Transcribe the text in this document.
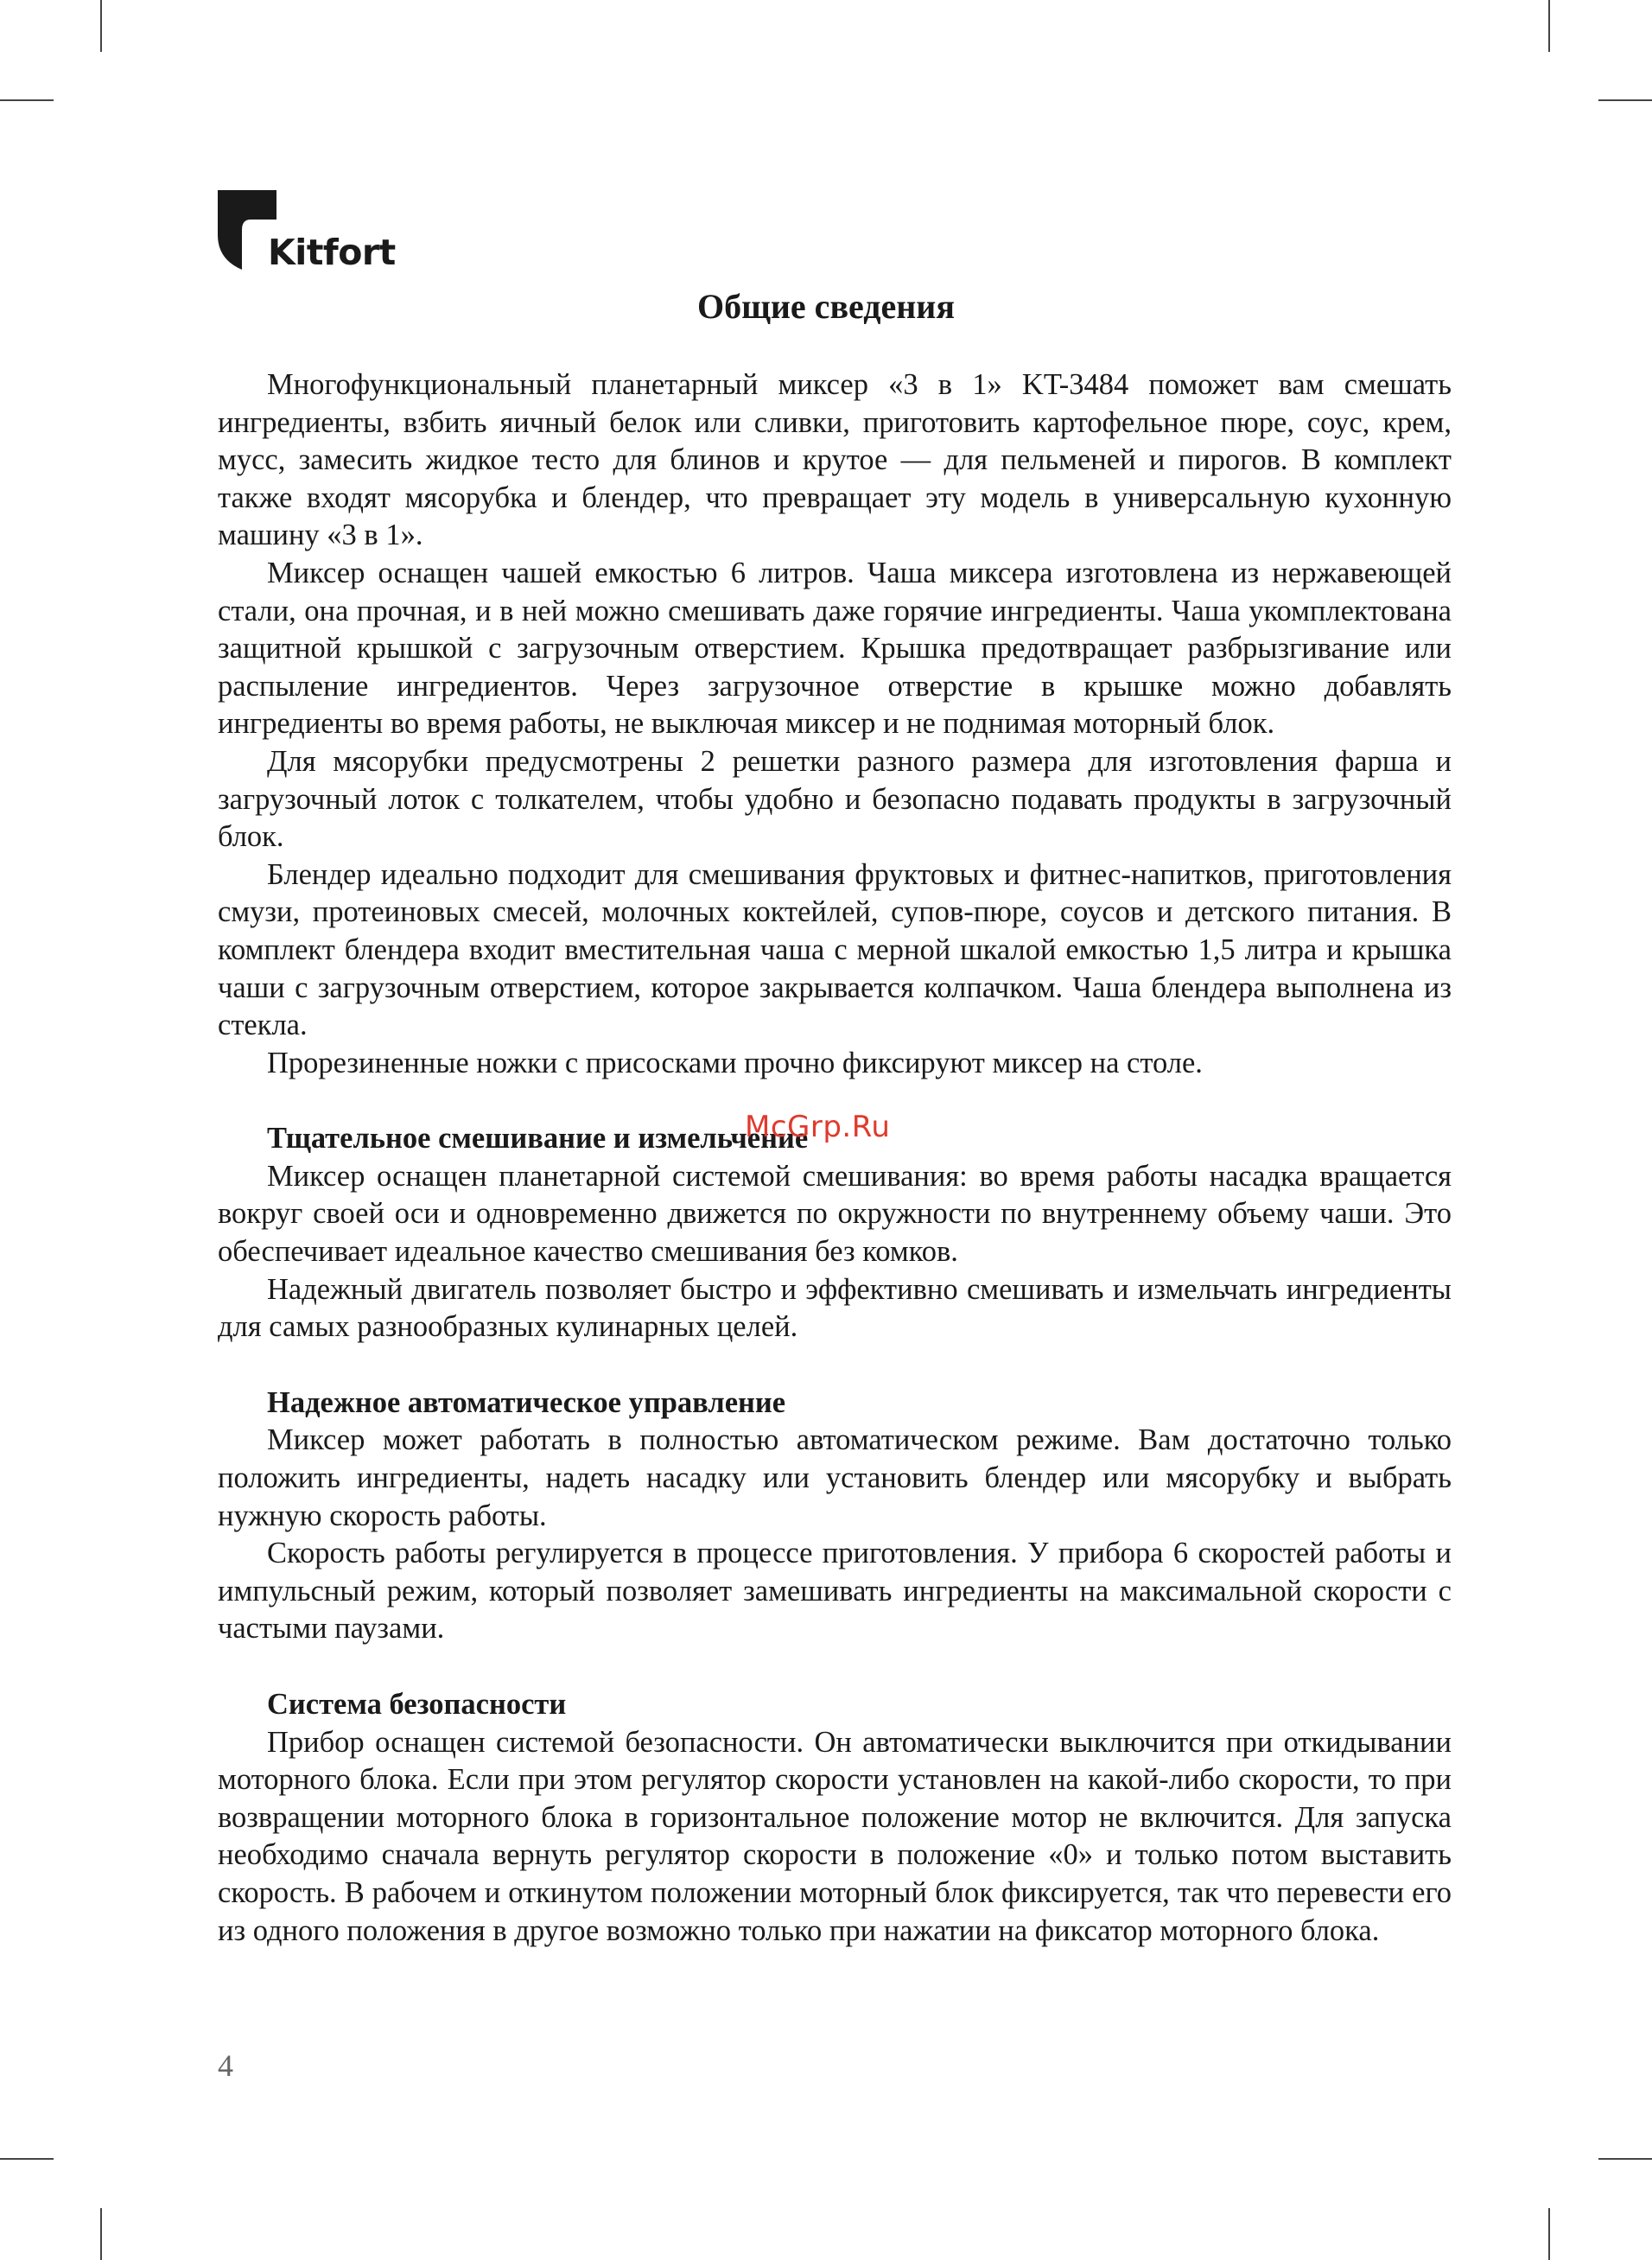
Kitfort
Общие сведения

Многофункциональный планетарный миксер «3 в 1» KT-3484 поможет вам смешать ингредиенты, взбить яичный белок или сливки, приготовить картофельное пюре, соус, крем, мусс, замесить жидкое тесто для блинов и крутое — для пельменей и пирогов. В комплект также входят мясорубка и блендер, что превращает эту модель в универсальную кухонную машину «3 в 1».

Миксер оснащен чашей емкостью 6 литров. Чаша миксера изготовлена из нержавеющей стали, она прочная, и в ней можно смешивать даже горячие ингредиенты. Чаша укомплектована защитной крышкой с загрузочным отверстием. Крышка предотвращает разбрызгивание или распыление ингредиентов. Через загрузочное отверстие в крышке можно добавлять ингредиенты во время работы, не выключая миксер и не поднимая моторный блок.

Для мясорубки предусмотрены 2 решетки разного размера для изготовления фарша и загрузочный лоток с толкателем, чтобы удобно и безопасно подавать продукты в загрузочный блок.

Блендер идеально подходит для смешивания фруктовых и фитнес-напитков, приготовления смузи, протеиновых смесей, молочных коктейлей, супов-пюре, соусов и детского питания. В комплект блендера входит вместительная чаша с мерной шкалой емкостью 1,5 литра и крышка чаши с загрузочным отверстием, которое закрывается колпачком. Чаша блендера выполнена из стекла.

Прорезиненные ножки с присосками прочно фиксируют миксер на столе.

Тщательное смешивание и измельчение

Миксер оснащен планетарной системой смешивания: во время работы насадка вращается вокруг своей оси и одновременно движется по окружности по внутреннему объему чаши. Это обеспечивает идеальное качество смешивания без комков.

Надежный двигатель позволяет быстро и эффективно смешивать и измельчать ингредиенты для самых разнообразных кулинарных целей.

Надежное автоматическое управление

Миксер может работать в полностью автоматическом режиме. Вам достаточно только положить ингредиенты, надеть насадку или установить блендер или мясорубку и выбрать нужную скорость работы.

Скорость работы регулируется в процессе приготовления. У прибора 6 скоростей работы и импульсный режим, который позволяет замешивать ингредиенты на максимальной скорости с частыми паузами.

Система безопасности

Прибор оснащен системой безопасности. Он автоматически выключится при откидывании моторного блока. Если при этом регулятор скорости установлен на какой-либо скорости, то при возвращении моторного блока в горизонтальное положение мотор не включится. Для запуска необходимо сначала вернуть регулятор скорости в положение «0» и только потом выставить скорость. В рабочем и откинутом положении моторный блок фиксируется, так что перевести его из одного положения в другое возможно только при нажатии на фиксатор моторного блока.

McGrp.Ru
4
